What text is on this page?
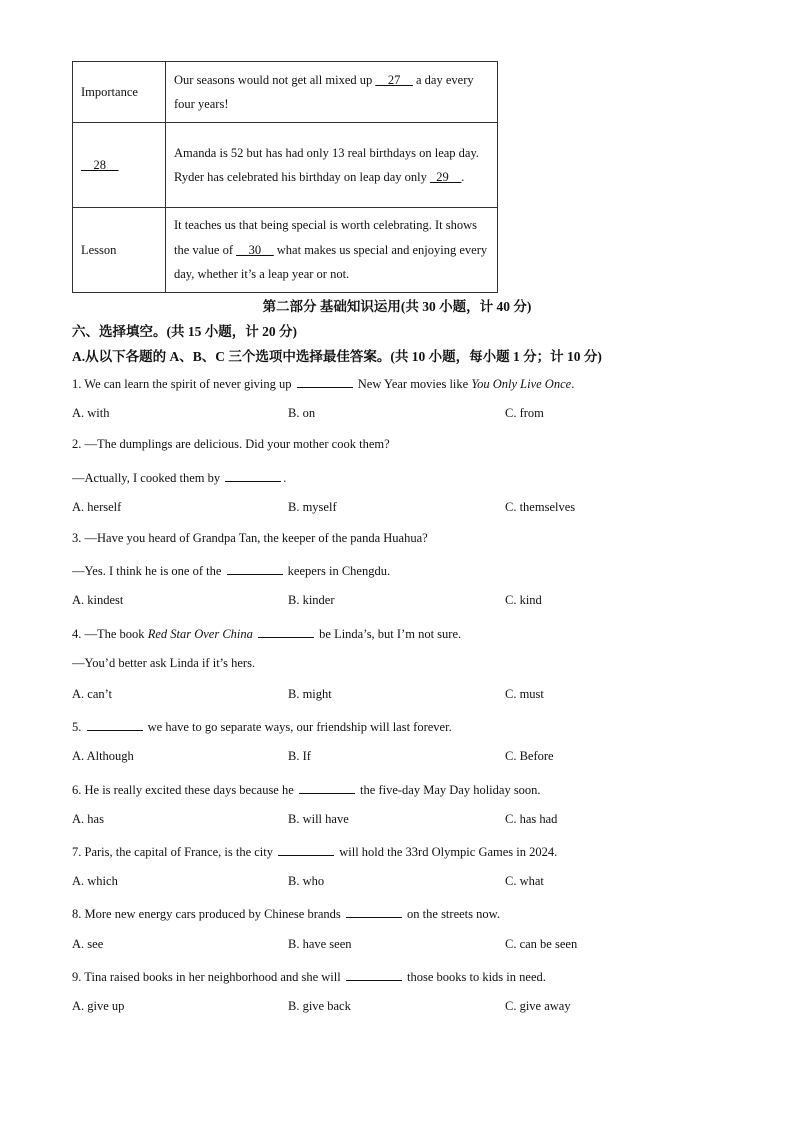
Importance	Our seasons would not get all mixed up __27__ a day every four years!
__28__	Amanda is 52 but has had only 13 real birthdays on leap day. Ryder has celebrated his birthday on leap day only _29__.
Lesson	It teaches us that being special is worth celebrating. It shows the value of __30__ what makes us special and enjoying every day, whether it’s a leap year or not.
第二部分 基础知识运用(共 30 小题，计 40 分)
六、选择填空。(共 15 小题，计 20 分)
A.从以下各题的 A、B、C 三个选项中选择最佳答案。(共 10 小题，每小题 1 分；计 10 分)
1. We can learn the spirit of never giving up	New Year movies like You Only Live Once.
A. with	B. on	C. from
2. —The dumplings are delicious. Did your mother cook them?
—Actually, I cooked them by	.
A. herself	B. myself	C. themselves
3. —Have you heard of Grandpa Tan, the keeper of the panda Huahua?
—Yes. I think he is one of the	keepers in Chengdu.
A. kindest	B. kinder	C. kind
4. —The book Red Star Over China	be Linda’s, but I’m not sure.
—You’d better ask Linda if it’s hers.
A. can’t	B. might	C. must
5.	we have to go separate ways, our friendship will last forever.
A. Although	B. If	C. Before
6. He is really excited these days because he	the five-day May Day holiday soon.
A. has	B. will have	C. has had
7. Paris, the capital of France, is the city	will hold the 33rd Olympic Games in 2024.
A. which	B. who	C. what
8. More new energy cars produced by Chinese brands	on the streets now.
A. see	B. have seen	C. can be seen
9. Tina raised books in her neighborhood and she will	those books to kids in need.
A. give up	B. give back	C. give away
